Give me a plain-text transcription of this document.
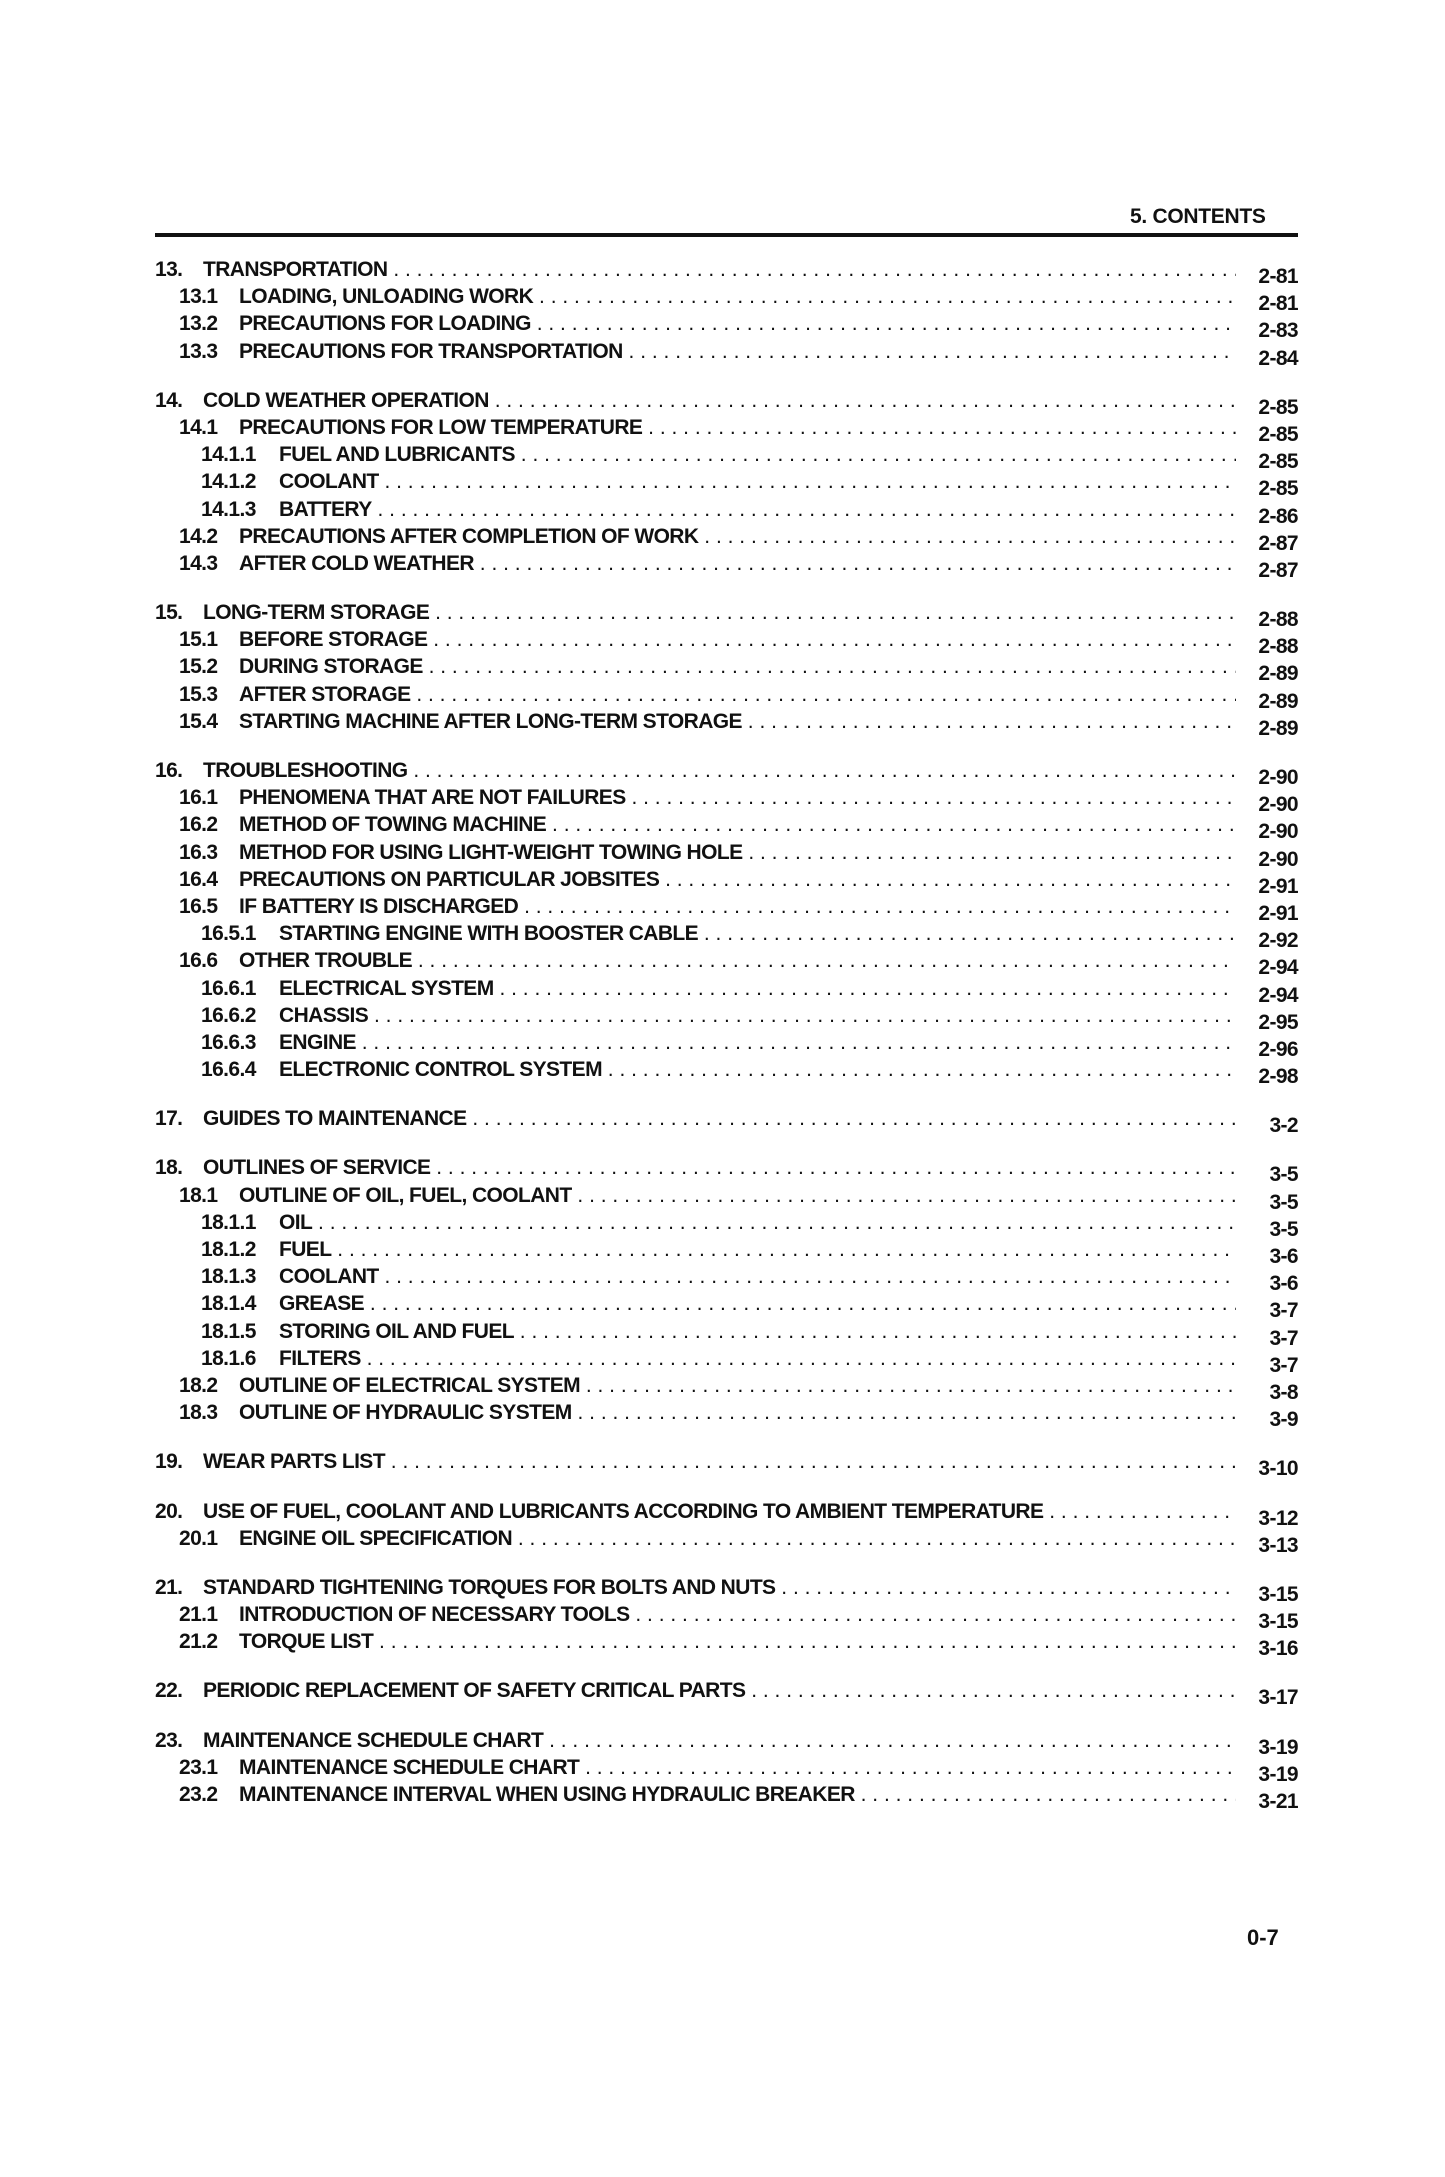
5. CONTENTS
13. TRANSPORTATION . . .	2-81
13.1 LOADING, UNLOADING WORK . . .	2-81
13.2 PRECAUTIONS FOR LOADING . . .	2-83
13.3 PRECAUTIONS FOR TRANSPORTATION . . .	2-84
14. COLD WEATHER OPERATION . . .	2-85
14.1 PRECAUTIONS FOR LOW TEMPERATURE . . .	2-85
14.1.1 FUEL AND LUBRICANTS . . .	2-85
14.1.2 COOLANT . . .	2-85
14.1.3 BATTERY . . .	2-86
14.2 PRECAUTIONS AFTER COMPLETION OF WORK . . .	2-87
14.3 AFTER COLD WEATHER . . .	2-87
15. LONG-TERM STORAGE . . .	2-88
15.1 BEFORE STORAGE . . .	2-88
15.2 DURING STORAGE . . .	2-89
15.3 AFTER STORAGE . . .	2-89
15.4 STARTING MACHINE AFTER LONG-TERM STORAGE . . .	2-89
16. TROUBLESHOOTING . . .	2-90
16.1 PHENOMENA THAT ARE NOT FAILURES . . .	2-90
16.2 METHOD OF TOWING MACHINE . . .	2-90
16.3 METHOD FOR USING LIGHT-WEIGHT TOWING HOLE . . .	2-90
16.4 PRECAUTIONS ON PARTICULAR JOBSITES . . .	2-91
16.5 IF BATTERY IS DISCHARGED . . .	2-91
16.5.1 STARTING ENGINE WITH BOOSTER CABLE . . .	2-92
16.6 OTHER TROUBLE . . .	2-94
16.6.1 ELECTRICAL SYSTEM . . .	2-94
16.6.2 CHASSIS . . .	2-95
16.6.3 ENGINE . . .	2-96
16.6.4 ELECTRONIC CONTROL SYSTEM . . .	2-98
17. GUIDES TO MAINTENANCE . . .	3-2
18. OUTLINES OF SERVICE . . .	3-5
18.1 OUTLINE OF OIL, FUEL, COOLANT . . .	3-5
18.1.1 OIL . . .	3-5
18.1.2 FUEL . . .	3-6
18.1.3 COOLANT . . .	3-6
18.1.4 GREASE . . .	3-7
18.1.5 STORING OIL AND FUEL . . .	3-7
18.1.6 FILTERS . . .	3-7
18.2 OUTLINE OF ELECTRICAL SYSTEM . . .	3-8
18.3 OUTLINE OF HYDRAULIC SYSTEM . . .	3-9
19. WEAR PARTS LIST . . .	3-10
20. USE OF FUEL, COOLANT AND LUBRICANTS ACCORDING TO AMBIENT TEMPERATURE . . .	3-12
20.1 ENGINE OIL SPECIFICATION . . .	3-13
21. STANDARD TIGHTENING TORQUES FOR BOLTS AND NUTS . . .	3-15
21.1 INTRODUCTION OF NECESSARY TOOLS . . .	3-15
21.2 TORQUE LIST . . .	3-16
22. PERIODIC REPLACEMENT OF SAFETY CRITICAL PARTS . . .	3-17
23. MAINTENANCE SCHEDULE CHART . . .	3-19
23.1 MAINTENANCE SCHEDULE CHART . . .	3-19
23.2 MAINTENANCE INTERVAL WHEN USING HYDRAULIC BREAKER . . .	3-21
0-7
